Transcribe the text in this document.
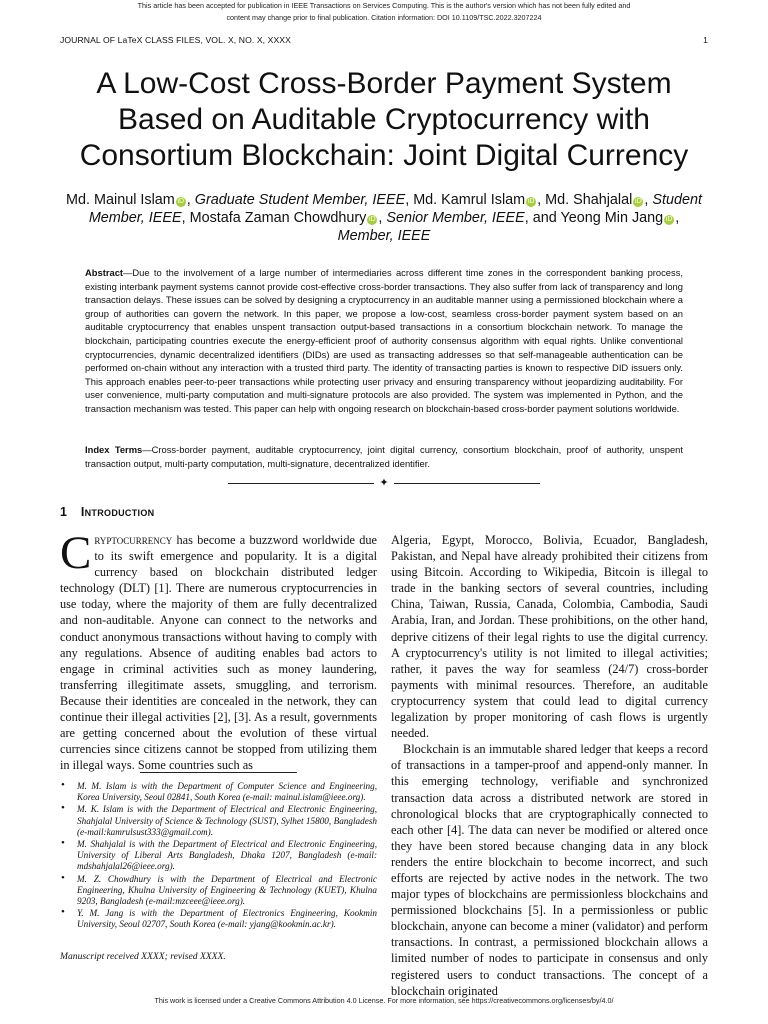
This article has been accepted for publication in IEEE Transactions on Services Computing. This is the author's version which has not been fully edited and
content may change prior to final publication. Citation information: DOI 10.1109/TSC.2022.3207224
JOURNAL OF LaTeX CLASS FILES, VOL. X, NO. X, XXXX	1
A Low-Cost Cross-Border Payment System
Based on Auditable Cryptocurrency with
Consortium Blockchain: Joint Digital Currency
Md. Mainul Islam iD , Graduate Student Member, IEEE, Md. Kamrul Islam iD , Md. Shahjalal iD , Student Member, IEEE, Mostafa Zaman Chowdhury iD , Senior Member, IEEE, and Yeong Min Jang iD , Member, IEEE

Abstract—Due to the involvement of a large number of intermediaries across different time zones in the correspondent banking process, existing interbank payment systems cannot provide cost-effective cross-border transactions. They also suffer from lack of transparency and long transaction delays. These issues can be solved by designing a cryptocurrency in an auditable manner using a permissioned blockchain where a group of authorities can govern the network. In this paper, we propose a low-cost, seamless cross-border payment system based on an auditable cryptocurrency that enables unspent transaction output-based transactions in a consortium blockchain network. To manage the blockchain, participating countries execute the energy-efficient proof of authority consensus algorithm with equal rights. Unlike conventional cryptocurrencies, dynamic decentralized identifiers (DIDs) are used as transacting addresses so that self-manageable authentication can be performed on-chain without any interaction with a trusted third party. The identity of transacting parties is known to respective DID issuers only. This approach enables peer-to-peer transactions while protecting user privacy and ensuring transparency without jeopardizing auditability. For user convenience, multi-party computation and multi-signature protocols are also provided. The system was implemented in Python, and the transaction mechanism was tested. This paper can help with ongoing research on blockchain-based cross-border payment solutions worldwide.

Index Terms—Cross-border payment, auditable cryptocurrency, joint digital currency, consortium blockchain, proof of authority, unspent transaction output, multi-party computation, multi-signature, decentralized identifier.

✦
1 Introduction

Cryptocurrency has become a buzzword worldwide due to its swift emergence and popularity. It is a digital currency based on blockchain distributed ledger technology (DLT) [1]. There are numerous cryptocurrencies in use today, where the majority of them are fully decentralized and non-auditable. Anyone can connect to the networks and conduct anonymous transactions without having to comply with any regulations. Absence of auditing enables bad actors to engage in criminal activities such as money laundering, transferring illegitimate assets, smuggling, and terrorism. Because their identities are concealed in the network, they can continue their illegal activities [2], [3]. As a result, governments are getting concerned about the evolution of these virtual currencies since citizens cannot be stopped from utilizing them in illegal ways. Some countries such as

Algeria, Egypt, Morocco, Bolivia, Ecuador, Bangladesh, Pakistan, and Nepal have already prohibited their citizens from using Bitcoin. According to Wikipedia, Bitcoin is illegal to trade in the banking sectors of several countries, including China, Taiwan, Russia, Canada, Colombia, Cambodia, Saudi Arabia, Iran, and Jordan. These prohibitions, on the other hand, deprive citizens of their legal rights to use the digital currency. A cryptocurrency's utility is not limited to illegal activities; rather, it paves the way for seamless (24/7) cross-border payments with minimal resources. Therefore, an auditable cryptocurrency system that could lead to digital currency legalization by proper monitoring of cash flows is urgently needed.

Blockchain is an immutable shared ledger that keeps a record of transactions in a tamper-proof and append-only manner. In this emerging technology, verifiable and synchronized transaction data across a distributed network are stored in chronological blocks that are cryptographically connected to each other [4]. The data can never be modified or altered once they have been stored because changing data in any block renders the entire blockchain to become incorrect, and such efforts are rejected by active nodes in the network. The two major types of blockchains are permissionless blockchains and permissioned blockchains [5]. In a permissionless or public blockchain, anyone can become a miner (validator) and perform transactions. In contrast, a permissioned blockchain allows a limited number of nodes to participate in consensus and only registered users to conduct transactions. The concept of a blockchain originated

• M. M. Islam is with the Department of Computer Science and Engineering, Korea University, Seoul 02841, South Korea (e-mail: mainul.islam@ieee.org).
• M. K. Islam is with the Department of Electrical and Electronic Engineering, Shahjalal University of Science & Technology (SUST), Sylhet 15800, Bangladesh (e-mail:kamrulsust333@gmail.com).
• M. Shahjalal is with the Department of Electrical and Electronic Engineering, University of Liberal Arts Bangladesh, Dhaka 1207, Bangladesh (e-mail: mdshahjalal26@ieee.org).
• M. Z. Chowdhury is with the Department of Electrical and Electronic Engineering, Khulna University of Engineering & Technology (KUET), Khulna 9203, Bangladesh (e-mail:mzceee@ieee.org).
• Y. M. Jang is with the Department of Electronics Engineering, Kookmin University, Seoul 02707, South Korea (e-mail: yjang@kookmin.ac.kr).
Manuscript received XXXX; revised XXXX.
This work is licensed under a Creative Commons Attribution 4.0 License. For more information, see https://creativecommons.org/licenses/by/4.0/
